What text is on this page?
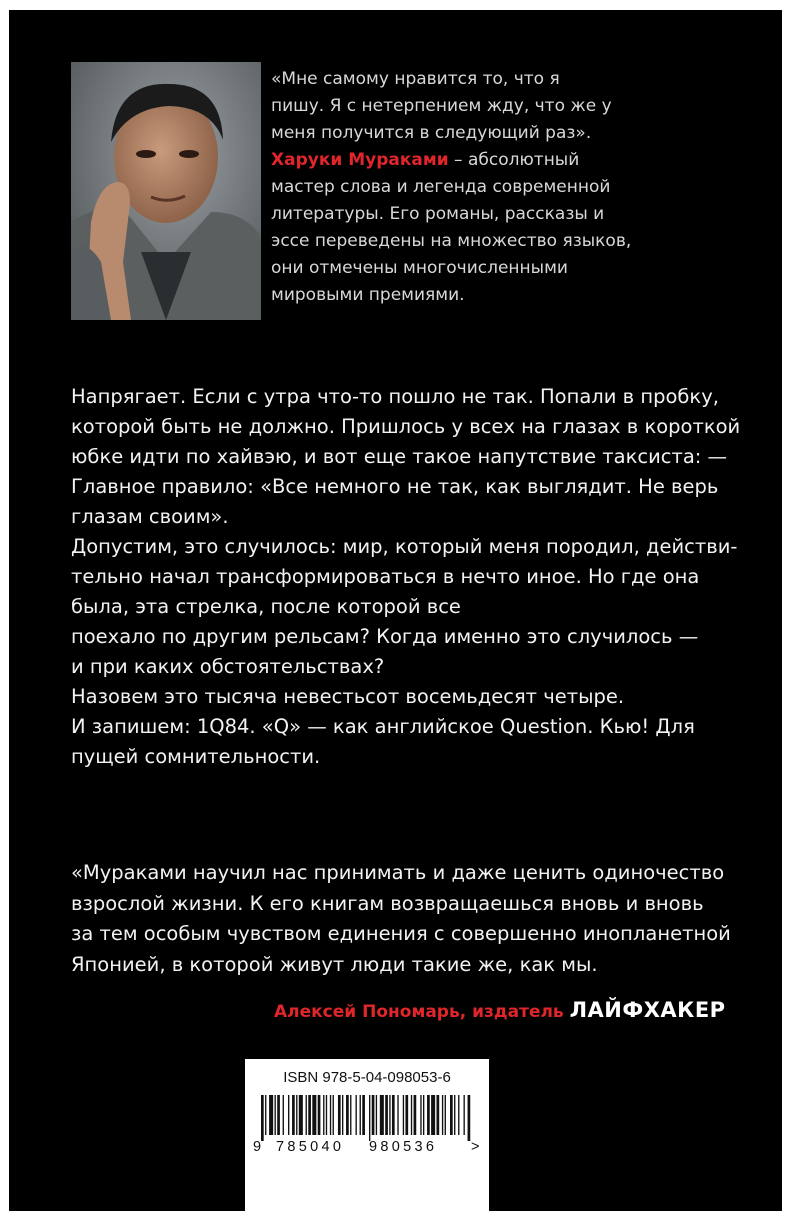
«Мне самому нравится то, что я

пишу. Я с нетерпением жду, что же у

меня получится в следующий раз».

Харуки Мураками – абсолютный

мастер слова и легенда современной

литературы. Его романы, рассказы и

эссе переведены на множество языков,

они отмечены многочисленными

мировыми премиями.

Напрягает. Если с утра что-то пошло не так. Попали в пробку,
которой быть не должно. Пришлось у всех на глазах в короткой
юбке идти по хайвэю, и вот еще такое напутствие таксиста: —
Главное правило: «Все немного не так, как выглядит. Не верь
глазам своим».
Допустим, это случилось: мир, который меня породил, действи-
тельно начал трансформироваться в нечто иное. Но где она
была, эта стрелка, после которой все
поехало по другим рельсам? Когда именно это случилось —
и при каких обстоятельствах?
Назовем это тысяча невестьсот восемьдесят четыре.
И запишем: 1Q84. «Q» — как английское Question. Кью! Для
пущей сомнительности.
«Мураками научил нас принимать и даже ценить одиночество
взрослой жизни. К его книгам возвращаешься вновь и вновь
за тем особым чувством единения с совершенно инопланетной
Японией, в которой живут люди такие же, как мы.
Алексей Пономарь, издатель ЛАЙФХАКЕР
ISBN 978-5-04-098053-6
9 785040 980536 >
